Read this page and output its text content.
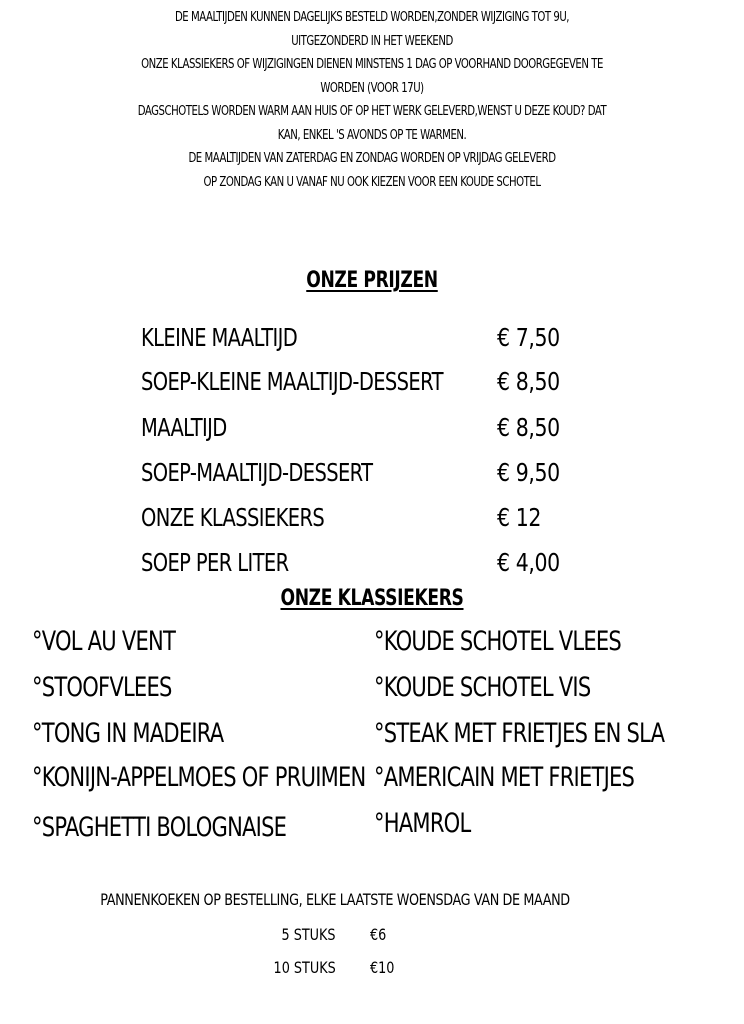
DE MAALTIJDEN KUNNEN DAGELIJKS BESTELD WORDEN,ZONDER WIJZIGING TOT 9U,
UITGEZONDERD IN HET WEEKEND
ONZE KLASSIEKERS OF WIJZIGINGEN DIENEN MINSTENS 1 DAG OP VOORHAND DOORGEGEVEN TE
WORDEN (VOOR 17U)
DAGSCHOTELS WORDEN WARM AAN HUIS OF OP HET WERK GELEVERD,WENST U DEZE KOUD? DAT
KAN, ENKEL 'S AVONDS OP TE WARMEN.
DE MAALTIJDEN VAN ZATERDAG EN ZONDAG WORDEN OP VRIJDAG GELEVERD
OP ZONDAG KAN U VANAF NU OOK KIEZEN VOOR EEN KOUDE SCHOTEL
ONZE PRIJZEN
KLEINE MAALTIJD	€ 7,50
SOEP-KLEINE MAALTIJD-DESSERT € 8,50
MAALTIJD	€ 8,50
SOEP-MAALTIJD-DESSERT	€ 9,50
ONZE KLASSIEKERS	€ 12
SOEP PER LITER	€ 4,00
ONZE KLASSIEKERS
°VOL AU VENT
°STOOFVLEES
°TONG IN MADEIRA
°KONIJN-APPELMOES OF PRUIMEN
°SPAGHETTI BOLOGNAISE
°KOUDE SCHOTEL VLEES
°KOUDE SCHOTEL VIS
°STEAK MET FRIETJES EN SLA
°AMERICAIN MET FRIETJES
°HAMROL
PANNENKOEKEN OP BESTELLING, ELKE LAATSTE WOENSDAG VAN DE MAAND
5 STUKS €6
10 STUKS €10
